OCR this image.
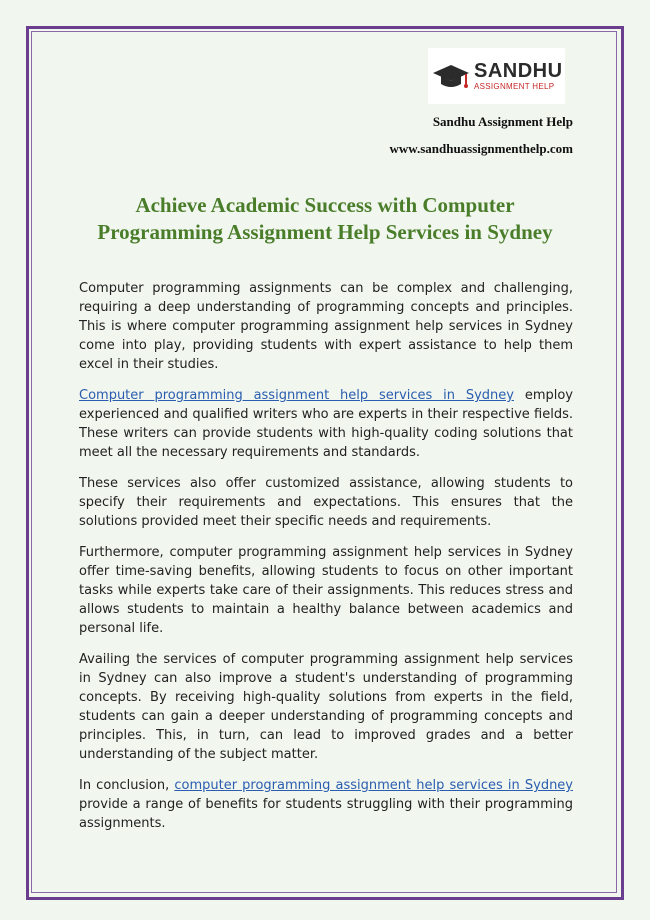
SANDHU
ASSIGNMENT HELP
Sandhu Assignment Help
www.sandhuassignmenthelp.com
Achieve Academic Success with Computer Programming Assignment Help Services in Sydney

Computer programming assignments can be complex and challenging, requiring a deep understanding of programming concepts and principles. This is where computer programming assignment help services in Sydney come into play, providing students with expert assistance to help them excel in their studies.

Computer programming assignment help services in Sydney employ experienced and qualified writers who are experts in their respective fields. These writers can provide students with high-quality coding solutions that meet all the necessary requirements and standards.

These services also offer customized assistance, allowing students to specify their requirements and expectations. This ensures that the solutions provided meet their specific needs and requirements.

Furthermore, computer programming assignment help services in Sydney offer time-saving benefits, allowing students to focus on other important tasks while experts take care of their assignments. This reduces stress and allows students to maintain a healthy balance between academics and personal life.

Availing the services of computer programming assignment help services in Sydney can also improve a student's understanding of programming concepts. By receiving high-quality solutions from experts in the field, students can gain a deeper understanding of programming concepts and principles. This, in turn, can lead to improved grades and a better understanding of the subject matter.

In conclusion, computer programming assignment help services in Sydney provide a range of benefits for students struggling with their programming assignments.
